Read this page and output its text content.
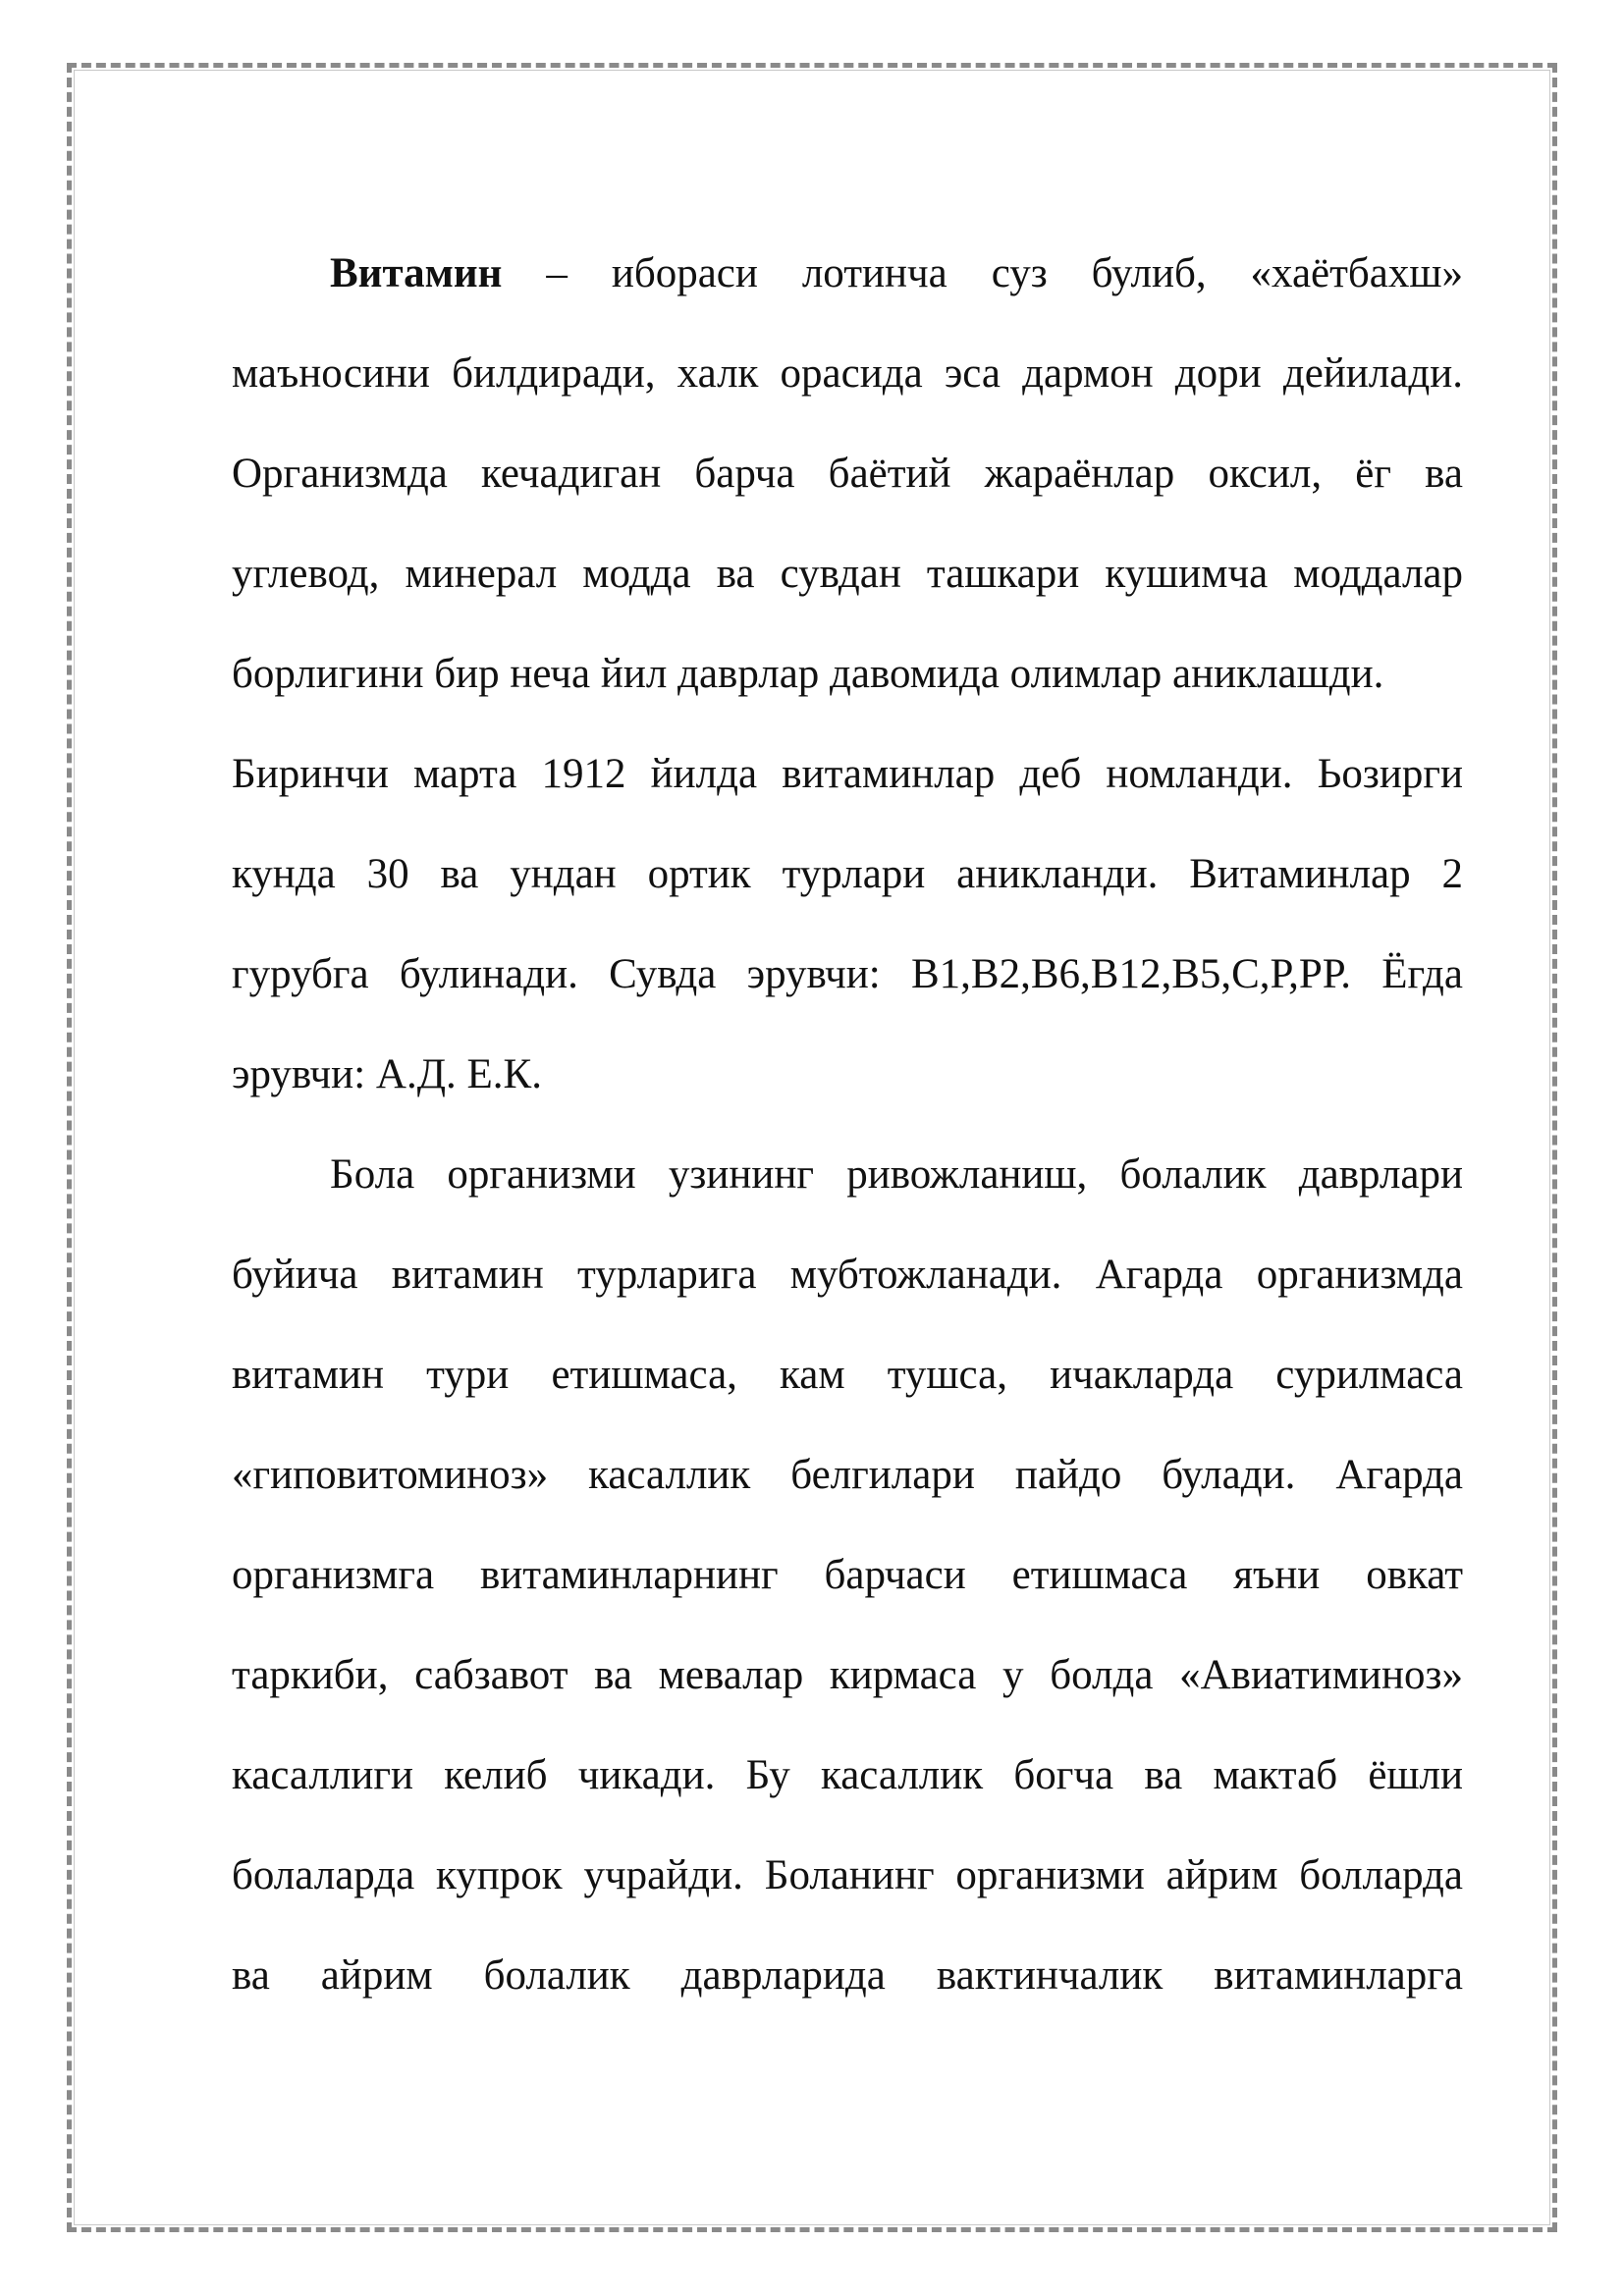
Витамин – ибораси лотинча суз булиб, «хаётбахш»
маъносини билдиради, халк орасида эса дармон дори дейилади.
Организмда кечадиган барча баётий жараёнлар оксил, ёг ва
углевод, минерал модда ва сувдан ташкари кушимча моддалар
борлигини бир неча йил даврлар давомида олимлар аниклашди.
Биринчи марта 1912 йилда витаминлар деб номланди. Ьозирги
кунда 30 ва ундан ортик турлари аникланди. Витаминлар 2
гурубга булинади. Сувда эрувчи: В1,В2,В6,В12,В5,С,Р,РР. Ёгда
эрувчи: А.Д. Е.К.
Бола организми узининг ривожланиш, болалик даврлари
буйича витамин турларига мубтожланади. Агарда организмда
витамин тури етишмаса, кам тушса, ичакларда сурилмаса
«гиповитоминоз» касаллик белгилари пайдо булади. Агарда
организмга витаминларнинг барчаси етишмаса яъни овкат
таркиби, сабзавот ва мевалар кирмаса у болда «Авиатиминоз»
касаллиги келиб чикади. Бу касаллик богча ва мактаб ёшли
болаларда купрок учрайди. Боланинг организми айрим болларда
ва айрим болалик даврларида вактинчалик витаминларга
